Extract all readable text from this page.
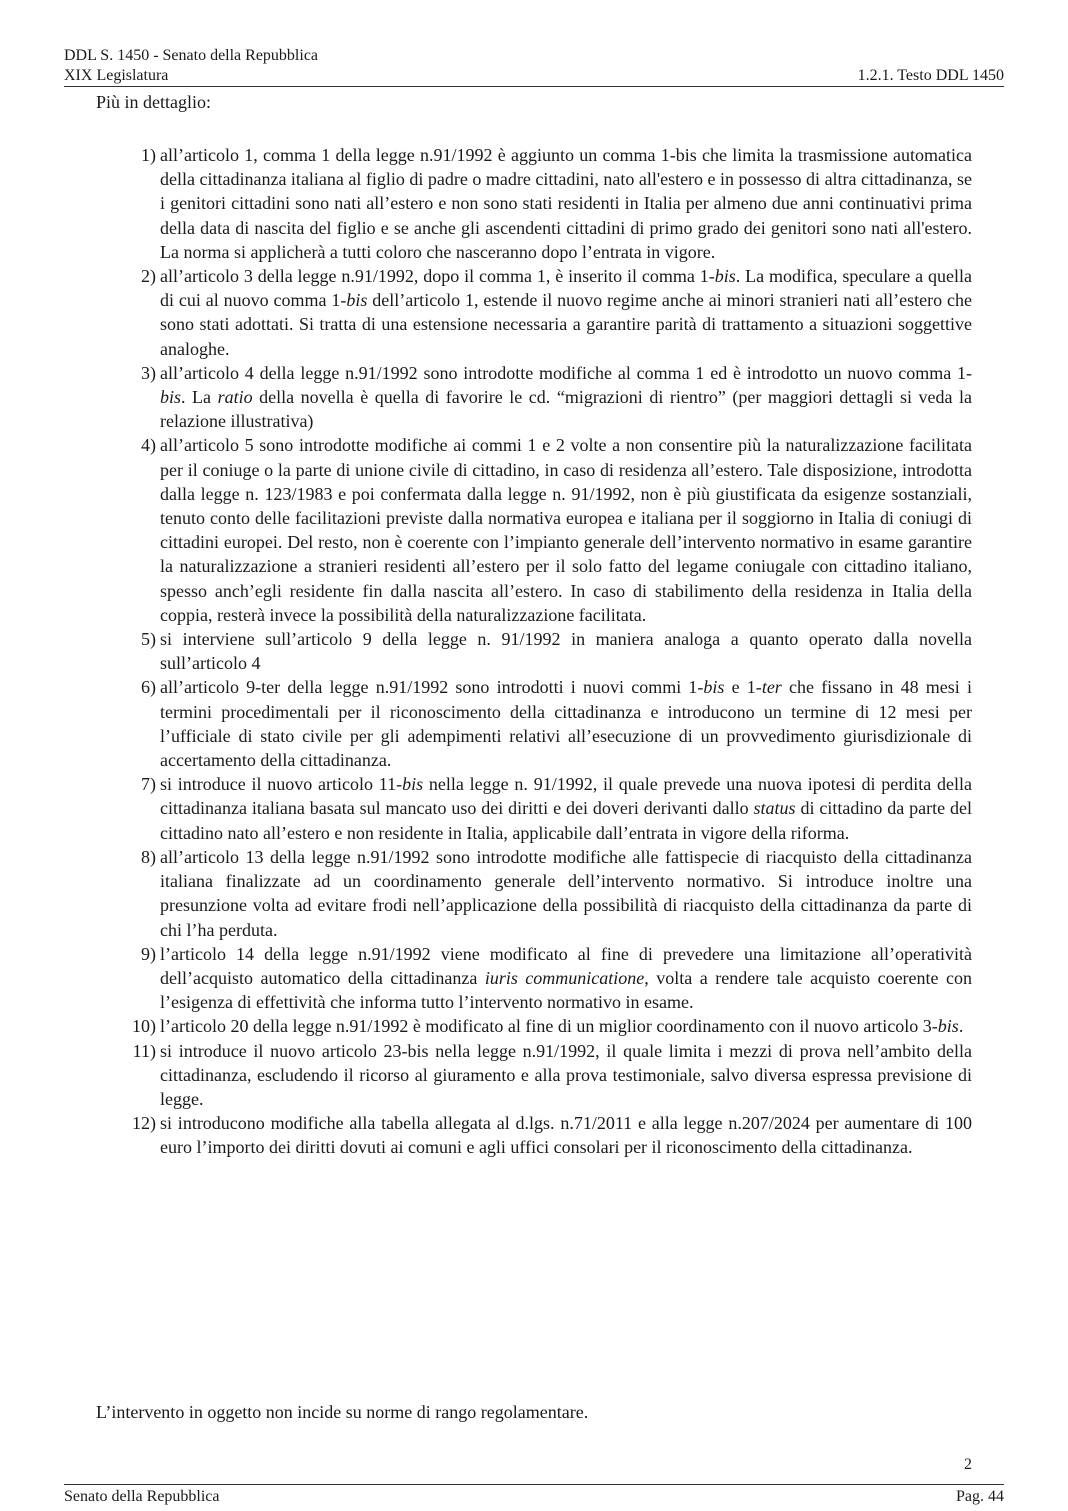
DDL S. 1450 - Senato della Repubblica
XIX Legislatura	1.2.1. Testo DDL 1450
Più in dettaglio:
1) all’articolo 1, comma 1 della legge n.91/1992 è aggiunto un comma 1-bis che limita la trasmissione automatica della cittadinanza italiana al figlio di padre o madre cittadini, nato all'estero e in possesso di altra cittadinanza, se i genitori cittadini sono nati all’estero e non sono stati residenti in Italia per almeno due anni continuativi prima della data di nascita del figlio e se anche gli ascendenti cittadini di primo grado dei genitori sono nati all'estero. La norma si applicherà a tutti coloro che nasceranno dopo l’entrata in vigore.
2) all’articolo 3 della legge n.91/1992, dopo il comma 1, è inserito il comma 1-bis. La modifica, speculare a quella di cui al nuovo comma 1-bis dell’articolo 1, estende il nuovo regime anche ai minori stranieri nati all’estero che sono stati adottati. Si tratta di una estensione necessaria a garantire parità di trattamento a situazioni soggettive analoghe.
3) all’articolo 4 della legge n.91/1992 sono introdotte modifiche al comma 1 ed è introdotto un nuovo comma 1-bis. La ratio della novella è quella di favorire le cd. “migrazioni di rientro” (per maggiori dettagli si veda la relazione illustrativa)
4) all’articolo 5 sono introdotte modifiche ai commi 1 e 2 volte a non consentire più la naturalizzazione facilitata per il coniuge o la parte di unione civile di cittadino, in caso di residenza all’estero. Tale disposizione, introdotta dalla legge n. 123/1983 e poi confermata dalla legge n. 91/1992, non è più giustificata da esigenze sostanziali, tenuto conto delle facilitazioni previste dalla normativa europea e italiana per il soggiorno in Italia di coniugi di cittadini europei. Del resto, non è coerente con l’impianto generale dell’intervento normativo in esame garantire la naturalizzazione a stranieri residenti all’estero per il solo fatto del legame coniugale con cittadino italiano, spesso anch’egli residente fin dalla nascita all’estero. In caso di stabilimento della residenza in Italia della coppia, resterà invece la possibilità della naturalizzazione facilitata.
5) si interviene sull’articolo 9 della legge n. 91/1992 in maniera analoga a quanto operato dalla novella sull’articolo 4
6) all’articolo 9-ter della legge n.91/1992 sono introdotti i nuovi commi 1-bis e 1-ter che fissano in 48 mesi i termini procedimentali per il riconoscimento della cittadinanza e introducono un termine di 12 mesi per l’ufficiale di stato civile per gli adempimenti relativi all’esecuzione di un provvedimento giurisdizionale di accertamento della cittadinanza.
7) si introduce il nuovo articolo 11-bis nella legge n. 91/1992, il quale prevede una nuova ipotesi di perdita della cittadinanza italiana basata sul mancato uso dei diritti e dei doveri derivanti dallo status di cittadino da parte del cittadino nato all’estero e non residente in Italia, applicabile dall’entrata in vigore della riforma.
8) all’articolo 13 della legge n.91/1992 sono introdotte modifiche alle fattispecie di riacquisto della cittadinanza italiana finalizzate ad un coordinamento generale dell’intervento normativo. Si introduce inoltre una presunzione volta ad evitare frodi nell’applicazione della possibilità di riacquisto della cittadinanza da parte di chi l’ha perduta.
9) l’articolo 14 della legge n.91/1992 viene modificato al fine di prevedere una limitazione all’operatività dell’acquisto automatico della cittadinanza iuris communicatione, volta a rendere tale acquisto coerente con l’esigenza di effettività che informa tutto l’intervento normativo in esame.
10) l’articolo 20 della legge n.91/1992 è modificato al fine di un miglior coordinamento con il nuovo articolo 3-bis.
11) si introduce il nuovo articolo 23-bis nella legge n.91/1992, il quale limita i mezzi di prova nell’ambito della cittadinanza, escludendo il ricorso al giuramento e alla prova testimoniale, salvo diversa espressa previsione di legge.
12) si introducono modifiche alla tabella allegata al d.lgs. n.71/2011 e alla legge n.207/2024 per aumentare di 100 euro l’importo dei diritti dovuti ai comuni e agli uffici consolari per il riconoscimento della cittadinanza.
L’intervento in oggetto non incide su norme di rango regolamentare.
2
Senato della Repubblica	Pag. 44
